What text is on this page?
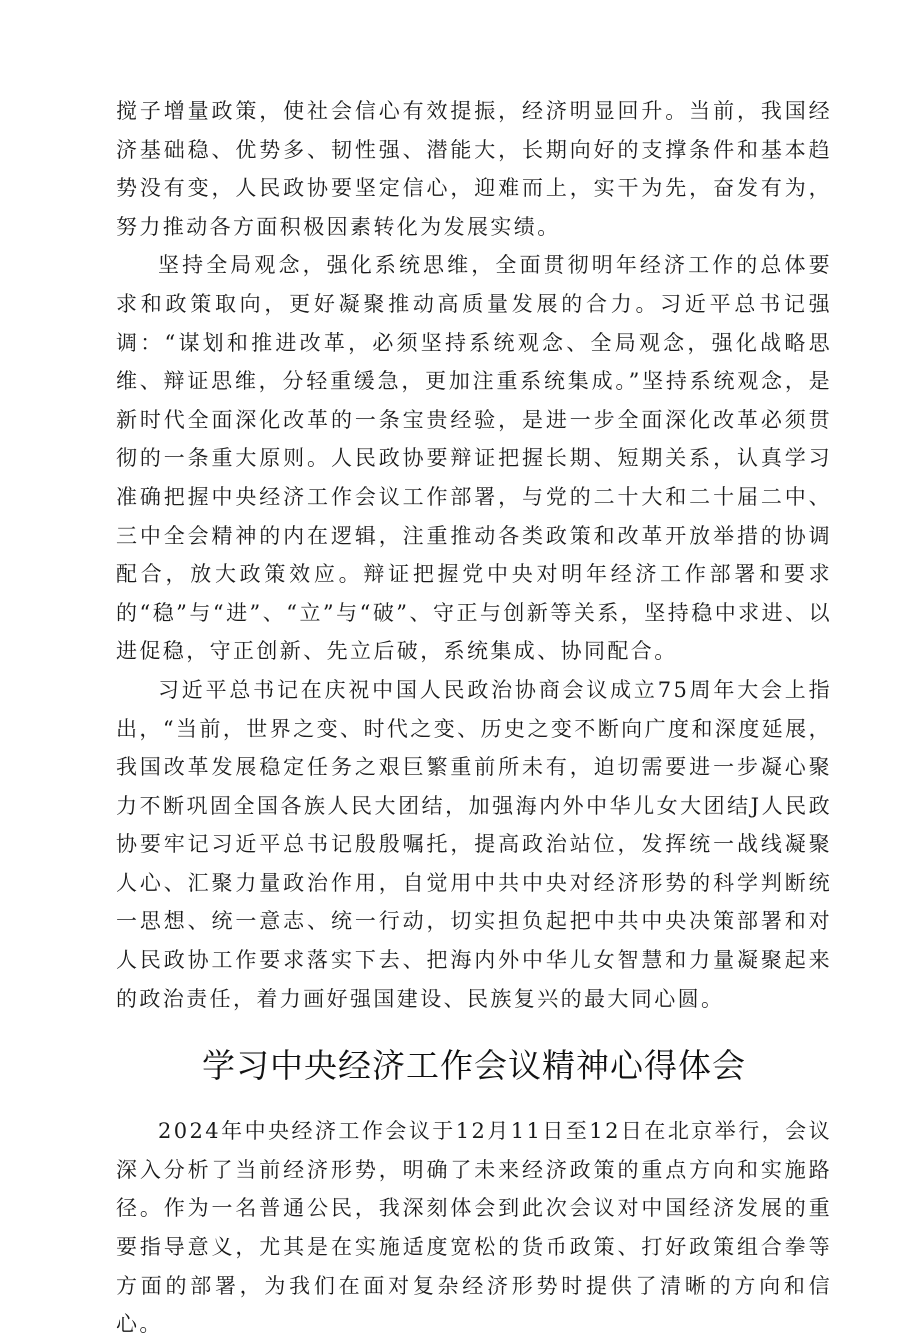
搅子增量政策，使社会信心有效提振，经济明显回升。当前，我国经济基础稳、优势多、韧性强、潜能大，长期向好的支撑条件和基本趋势没有变，人民政协要坚定信心，迎难而上，实干为先，奋发有为，努力推动各方面积极因素转化为发展实绩。

坚持全局观念，强化系统思维，全面贯彻明年经济工作的总体要求和政策取向，更好凝聚推动高质量发展的合力。习近平总书记强调：“谋划和推进改革，必须坚持系统观念、全局观念，强化战略思维、辩证思维，分轻重缓急，更加注重系统集成。”坚持系统观念，是新时代全面深化改革的一条宝贵经验，是进一步全面深化改革必须贯彻的一条重大原则。人民政协要辩证把握长期、短期关系，认真学习准确把握中央经济工作会议工作部署，与党的二十大和二十届二中、三中全会精神的内在逻辑，注重推动各类政策和改革开放举措的协调配合，放大政策效应。辩证把握党中央对明年经济工作部署和要求的“稳”与“进”、“立”与“破”、守正与创新等关系，坚持稳中求进、以进促稳，守正创新、先立后破，系统集成、协同配合。

习近平总书记在庆祝中国人民政治协商会议成立75周年大会上指出，“当前，世界之变、时代之变、历史之变不断向广度和深度延展，我国改革发展稳定任务之艰巨繁重前所未有，迫切需要进一步凝心聚力不断巩固全国各族人民大团结，加强海内外中华儿女大团结J人民政协要牢记习近平总书记殷殷嘱托，提高政治站位，发挥统一战线凝聚人心、汇聚力量政治作用，自觉用中共中央对经济形势的科学判断统一思想、统一意志、统一行动，切实担负起把中共中央决策部署和对人民政协工作要求落实下去、把海内外中华儿女智慧和力量凝聚起来的政治责任，着力画好强国建设、民族复兴的最大同心圆。

学习中央经济工作会议精神心得体会

2024年中央经济工作会议于12月11日至12日在北京举行，会议深入分析了当前经济形势，明确了未来经济政策的重点方向和实施路径。作为一名普通公民，我深刻体会到此次会议对中国经济发展的重要指导意义，尤其是在实施适度宽松的货币政策、打好政策组合拳等方面的部署，为我们在面对复杂经济形势时提供了清晰的方向和信心。
